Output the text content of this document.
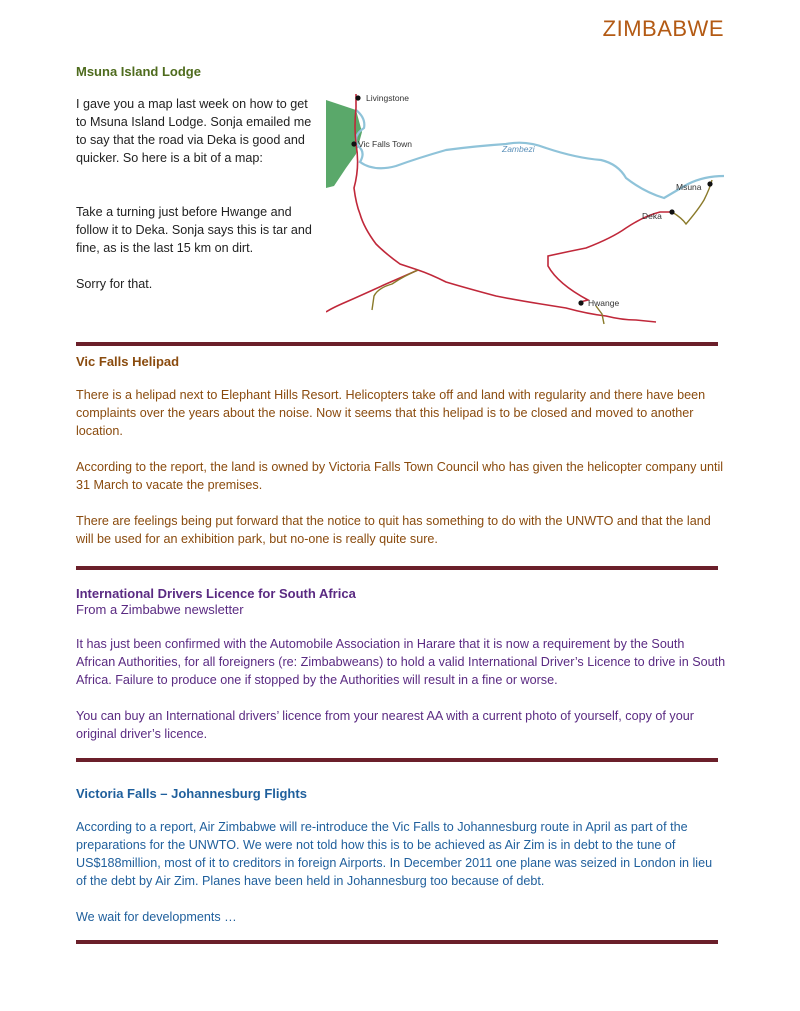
ZIMBABWE
Msuna Island Lodge

I gave you a map last week on how to get to Msuna Island Lodge. Sonja emailed me to say that the road via Deka is good and quicker. So here is a bit of a map:

Take a turning just before Hwange and follow it to Deka. Sonja says this is tar and fine, as is the last 15 km on dirt.

Sorry for that.

Livingstone
Vic Falls Town	Zambezi
Msuna
Deka
Hwange
Vic Falls Helipad

There is a helipad next to Elephant Hills Resort. Helicopters take off and land with regularity and there have been complaints over the years about the noise. Now it seems that this helipad is to be closed and moved to another location.

According to the report, the land is owned by Victoria Falls Town Council who has given the helicopter company until 31 March to vacate the premises.

There are feelings being put forward that the notice to quit has something to do with the UNWTO and that the land will be used for an exhibition park, but no-one is really quite sure.

International Drivers Licence for South Africa
From a Zimbabwe newsletter

It has just been confirmed with the Automobile Association in Harare that it is now a requirement by the South African Authorities, for all foreigners (re: Zimbabweans) to hold a valid International Driver’s Licence to drive in South Africa. Failure to produce one if stopped by the Authorities will result in a fine or worse.

You can buy an International drivers’ licence from your nearest AA with a current photo of yourself, copy of your original driver’s licence.

Victoria Falls – Johannesburg Flights

According to a report, Air Zimbabwe will re-introduce the Vic Falls to Johannesburg route in April as part of the preparations for the UNWTO. We were not told how this is to be achieved as Air Zim is in debt to the tune of US$188million, most of it to creditors in foreign Airports. In December 2011 one plane was seized in London in lieu of the debt by Air Zim. Planes have been held in Johannesburg too because of debt.

We wait for developments …
